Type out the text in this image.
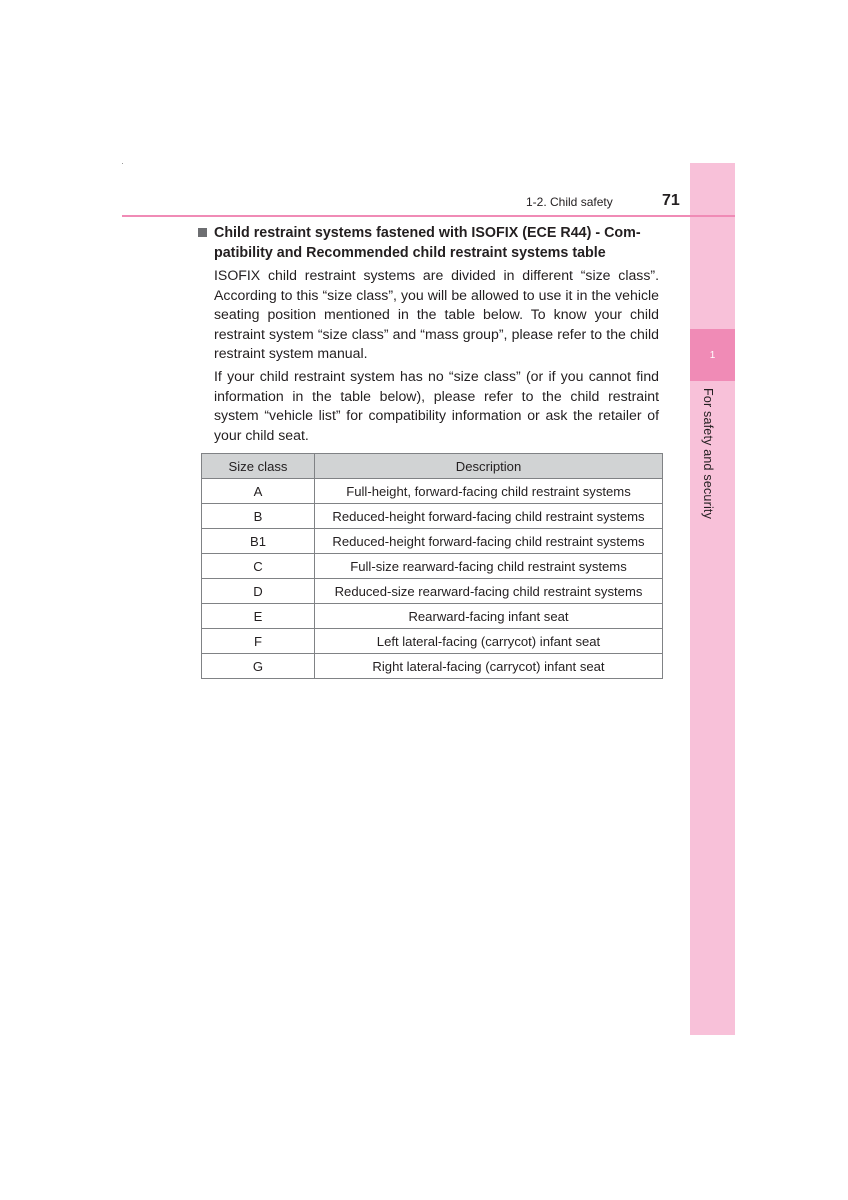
1
For safety and security
1-2. Child safety	71
Child restraint systems fastened with ISOFIX (ECE R44) - Com-patibility and Recommended child restraint systems table

ISOFIX child restraint systems are divided in different “size class”. According to this “size class”, you will be allowed to use it in the vehicle seating position mentioned in the table below. To know your child restraint system “size class” and “mass group”, please refer to the child restraint system manual.

If your child restraint system has no “size class” (or if you cannot find information in the table below), please refer to the child restraint system “vehicle list” for compatibility information or ask the retailer of your child seat.

Size class	Description
A	Full-height, forward-facing child restraint systems
B	Reduced-height forward-facing child restraint systems
B1	Reduced-height forward-facing child restraint systems
C	Full-size rearward-facing child restraint systems
D	Reduced-size rearward-facing child restraint systems
E	Rearward-facing infant seat
F	Left lateral-facing (carrycot) infant seat
G	Right lateral-facing (carrycot) infant seat
